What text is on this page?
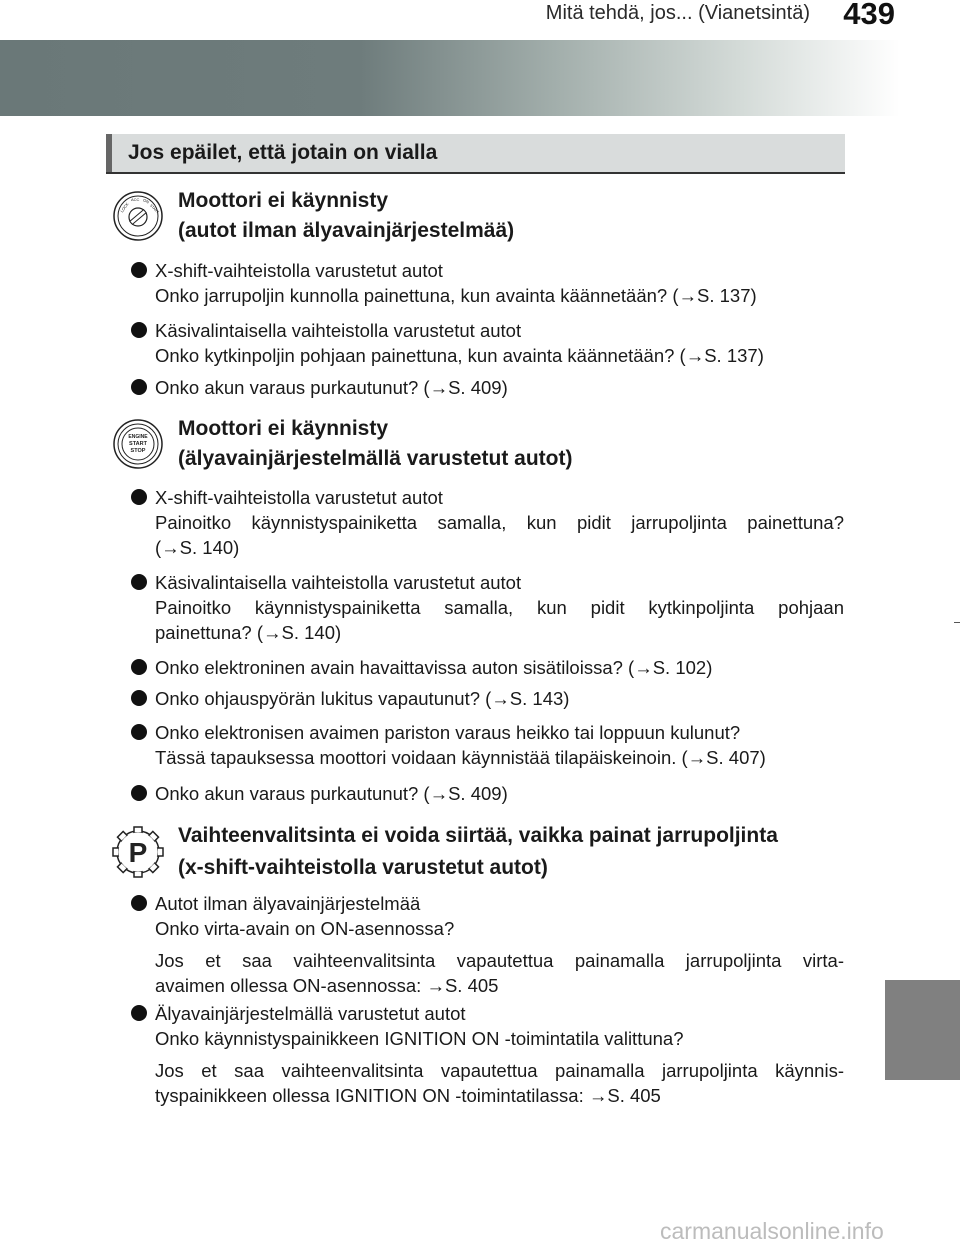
Mitä tehdä, jos... (Vianetsintä)	439
Jos epäilet, että jotain on vialla
LOCK
ACC ON
START Moottori ei käynnisty
(autot ilman älyavainjärjestelmää)
X-shift-vaihteistolla varustetut autot
Onko jarrupoljin kunnolla painettuna, kun avainta käännetään? (→S. 137)
Käsivalintaisella vaihteistolla varustetut autot
Onko kytkinpoljin pohjaan painettuna, kun avainta käännetään? (→S. 137)
Onko akun varaus purkautunut? (→S. 409)
ENGINE
START
STOP
Moottori ei käynnisty
(älyavainjärjestelmällä varustetut autot)
X-shift-vaihteistolla varustetut autot
Painoitko käynnistyspainiketta samalla, kun pidit jarrupoljinta painettuna?
(→S. 140)
Käsivalintaisella vaihteistolla varustetut autot
Painoitko käynnistyspainiketta samalla, kun pidit kytkinpoljinta pohjaan
painettuna? (→S. 140)
Onko elektroninen avain havaittavissa auton sisätiloissa? (→S. 102)
Onko ohjauspyörän lukitus vapautunut? (→S. 143)
Onko elektronisen avaimen pariston varaus heikko tai loppuun kulunut?
Tässä tapauksessa moottori voidaan käynnistää tilapäiskeinoin. (→S. 407)
Onko akun varaus purkautunut? (→S. 409)
P
Vaihteenvalitsinta ei voida siirtää, vaikka painat jarrupoljinta
(x-shift-vaihteistolla varustetut autot)
Autot ilman älyavainjärjestelmää
Onko virta-avain on ON-asennossa?
Jos et saa vaihteenvalitsinta vapautettua painamalla jarrupoljinta virta-
avaimen ollessa ON-asennossa: →S. 405
Älyavainjärjestelmällä varustetut autot
Onko käynnistyspainikkeen IGNITION ON -toimintatila valittuna?
Jos et saa vaihteenvalitsinta vapautettua painamalla jarrupoljinta käynnis-
tyspainikkeen ollessa IGNITION ON -toimintatilassa: →S. 405
carmanualsonline.info
